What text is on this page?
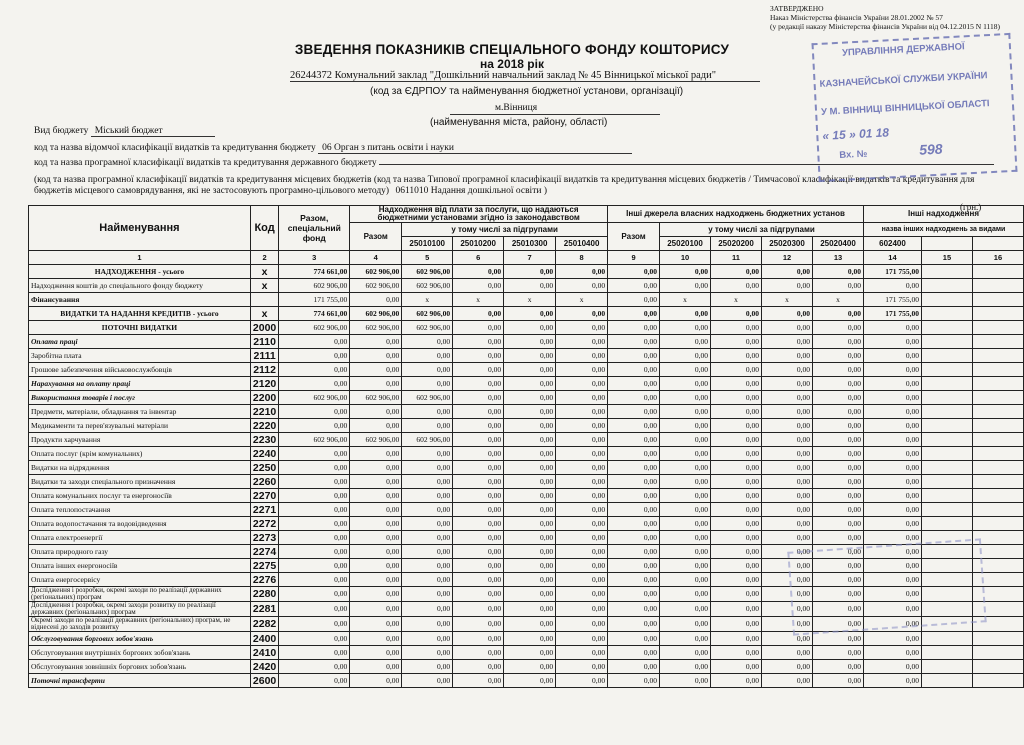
ЗАТВЕРДЖЕНО
Наказ Міністерства фінансів України 28.01.2002 № 57
(у редакції наказу Міністерства фінансів України від 04.12.2015 N 1118)
ЗВЕДЕННЯ ПОКАЗНИКІВ СПЕЦІАЛЬНОГО ФОНДУ КОШТОРИСУ
на 2018 рік
26244372 Комунальний заклад "Дошкільний навчальний заклад № 45 Вінницької міської ради"
(код за ЄДРПОУ та найменування бюджетної установи, організації)
м.Вінниця
(найменування міста, району, області)
Вид бюджету Міський бюджет
код та назва відомчої класифікації видатків та кредитування бюджету 06 Орган з питань освіти і науки
код та назва програмної класифікації видатків та кредитування державного бюджету
(код та назва програмної класифікації видатків та кредитування місцевих бюджетів (код та назва Типової програмної класифікації видатків та кредитування місцевих бюджетів / Тимчасової класифікації видатків та кредитування для бюджетів місцевого самоврядування, які не застосовують програмно-цільового методу) 0611010 Надання дошкільної освіти )
(грн.)
Найменування	Код	Разом, спеціальний фонд	Надходження від плати за послуги, що надаються бюджетними установами згідно із законодавством					Інші джерела власних надходжень бюджетних установ					Інші надходження		
			Разом	у тому числі за підгрупами				Разом	у тому числі за підгрупами				назва інших надходжень за видами		
				25010100	25010200	25010300	25010400		25020100	25020200	25020300	25020400	602400		
1	2	3	4	5	6	7	8	9	10	11	12	13	14	15	16
НАДХОДЖЕННЯ - усього	x	774 661,00	602 906,00	602 906,00	0,00	0,00	0,00	0,00	0,00	0,00	0,00	0,00	171 755,00		
Надходження коштів до спеціального фонду бюджету	x	602 906,00	602 906,00	602 906,00	0,00	0,00	0,00	0,00	0,00	0,00	0,00	0,00	0,00		
Фінансування		171 755,00	0,00	x	x	x	x	0,00	x	x	x	x	171 755,00		
ВИДАТКИ ТА НАДАННЯ КРЕДИТІВ - усього	x	774 661,00	602 906,00	602 906,00	0,00	0,00	0,00	0,00	0,00	0,00	0,00	0,00	171 755,00		
ПОТОЧНІ ВИДАТКИ	2000	602 906,00	602 906,00	602 906,00	0,00	0,00	0,00	0,00	0,00	0,00	0,00	0,00	0,00		
Оплата праці	2110	0,00	0,00	0,00	0,00	0,00	0,00	0,00	0,00	0,00	0,00	0,00	0,00		
Заробітна плата	2111	0,00	0,00	0,00	0,00	0,00	0,00	0,00	0,00	0,00	0,00	0,00	0,00		
Грошове забезпечення військовослужбовців	2112	0,00	0,00	0,00	0,00	0,00	0,00	0,00	0,00	0,00	0,00	0,00	0,00		
Нарахування на оплату праці	2120	0,00	0,00	0,00	0,00	0,00	0,00	0,00	0,00	0,00	0,00	0,00	0,00		
Використання товарів і послуг	2200	602 906,00	602 906,00	602 906,00	0,00	0,00	0,00	0,00	0,00	0,00	0,00	0,00	0,00		
Предмети, матеріали, обладнання та інвентар	2210	0,00	0,00	0,00	0,00	0,00	0,00	0,00	0,00	0,00	0,00	0,00	0,00		
Медикаменти та перев'язувальні матеріали	2220	0,00	0,00	0,00	0,00	0,00	0,00	0,00	0,00	0,00	0,00	0,00	0,00		
Продукти харчування	2230	602 906,00	602 906,00	602 906,00	0,00	0,00	0,00	0,00	0,00	0,00	0,00	0,00	0,00		
Оплата послуг (крім комунальних)	2240	0,00	0,00	0,00	0,00	0,00	0,00	0,00	0,00	0,00	0,00	0,00	0,00		
Видатки на відрядження	2250	0,00	0,00	0,00	0,00	0,00	0,00	0,00	0,00	0,00	0,00	0,00	0,00		
Видатки та заходи спеціального призначення	2260	0,00	0,00	0,00	0,00	0,00	0,00	0,00	0,00	0,00	0,00	0,00	0,00		
Оплата комунальних послуг та енергоносіїв	2270	0,00	0,00	0,00	0,00	0,00	0,00	0,00	0,00	0,00	0,00	0,00	0,00		
Оплата теплопостачання	2271	0,00	0,00	0,00	0,00	0,00	0,00	0,00	0,00	0,00	0,00	0,00	0,00		
Оплата водопостачання та водовідведення	2272	0,00	0,00	0,00	0,00	0,00	0,00	0,00	0,00	0,00	0,00	0,00	0,00		
Оплата електроенергії	2273	0,00	0,00	0,00	0,00	0,00	0,00	0,00	0,00	0,00	0,00	0,00	0,00		
Оплата природного газу	2274	0,00	0,00	0,00	0,00	0,00	0,00	0,00	0,00	0,00	0,00	0,00	0,00		
Оплата інших енергоносіїв	2275	0,00	0,00	0,00	0,00	0,00	0,00	0,00	0,00	0,00	0,00	0,00	0,00		
Оплата енергосервісу	2276	0,00	0,00	0,00	0,00	0,00	0,00	0,00	0,00	0,00	0,00	0,00	0,00		
Дослідження і розробки, окремі заходи по реалізації державних (регіональних) програм	2280	0,00	0,00	0,00	0,00	0,00	0,00	0,00	0,00	0,00	0,00	0,00	0,00		
Дослідження і розробки, окремі заходи розвитку по реалізації державних (регіональних) програм	2281	0,00	0,00	0,00	0,00	0,00	0,00	0,00	0,00	0,00	0,00	0,00	0,00		
Окремі заходи по реалізації державних (регіональних) програм, не віднесені до заходів розвитку	2282	0,00	0,00	0,00	0,00	0,00	0,00	0,00	0,00	0,00	0,00	0,00	0,00		
Обслуговування боргових зобов'язань	2400	0,00	0,00	0,00	0,00	0,00	0,00	0,00	0,00	0,00	0,00	0,00	0,00		
Обслуговування внутрішніх боргових зобов'язань	2410	0,00	0,00	0,00	0,00	0,00	0,00	0,00	0,00	0,00	0,00	0,00	0,00		
Обслуговування зовнішніх боргових зобов'язань	2420	0,00	0,00	0,00	0,00	0,00	0,00	0,00	0,00	0,00	0,00	0,00	0,00		
Поточні трансферти	2600	0,00	0,00	0,00	0,00	0,00	0,00	0,00	0,00	0,00	0,00	0,00	0,00		
УПРАВЛІННЯ ДЕРЖАВНОЇ
КАЗНАЧЕЙСЬКОЇ СЛУЖБИ УКРАЇНИ
У М. ВІННИЦІ ВІННИЦЬКОЇ ОБЛАСТІ
« 15 » 01 18
Вх. №	598
